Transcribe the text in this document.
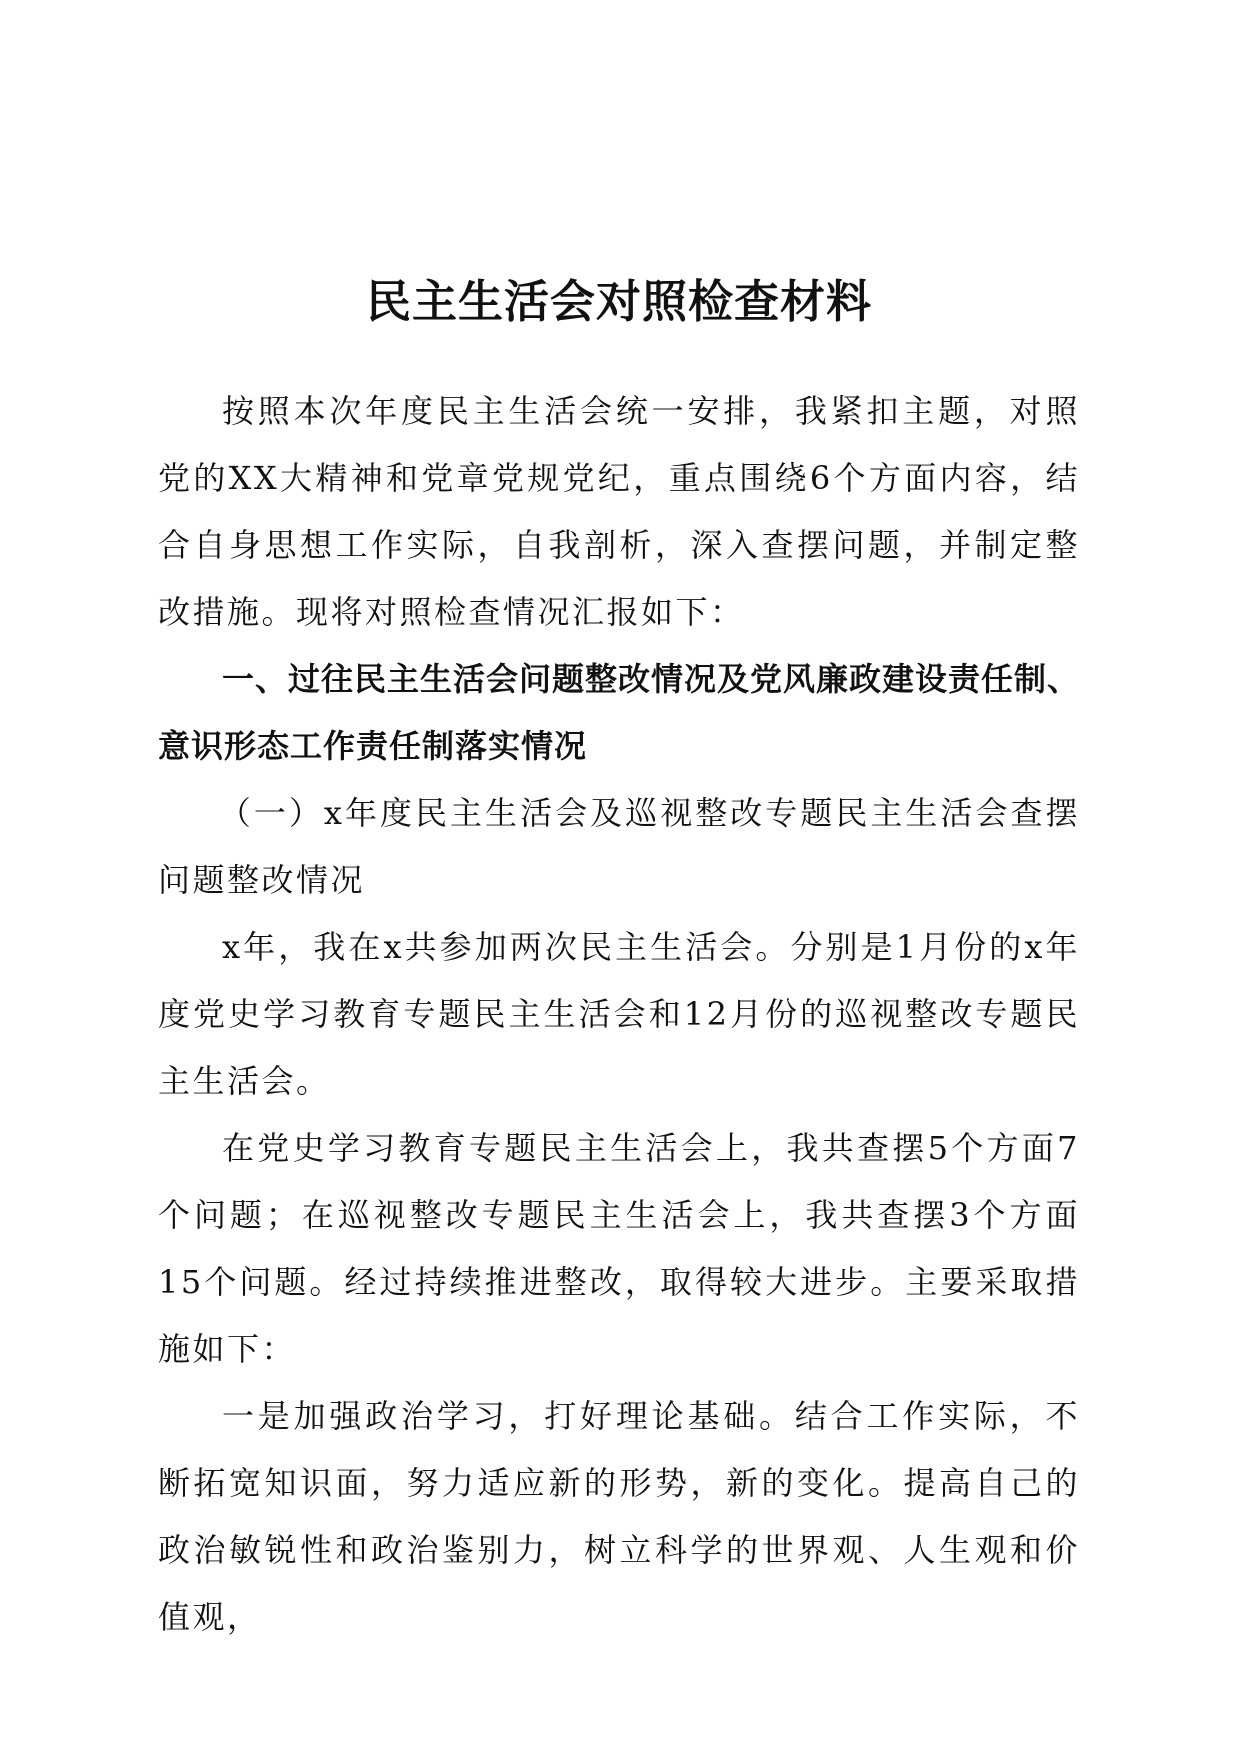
民主生活会对照检查材料

按照本次年度民主生活会统一安排，我紧扣主题，对照党的XX大精神和党章党规党纪，重点围绕6个方面内容，结合自身思想工作实际，自我剖析，深入查摆问题，并制定整改措施。现将对照检查情况汇报如下：

一、过往民主生活会问题整改情况及党风廉政建设责任制、意识形态工作责任制落实情况

（一）x年度民主生活会及巡视整改专题民主生活会查摆问题整改情况

x年，我在x共参加两次民主生活会。分别是1月份的x年度党史学习教育专题民主生活会和12月份的巡视整改专题民主生活会。

在党史学习教育专题民主生活会上，我共查摆5个方面7个问题；在巡视整改专题民主生活会上，我共查摆3个方面15个问题。经过持续推进整改，取得较大进步。主要采取措施如下：

一是加强政治学习，打好理论基础。结合工作实际，不断拓宽知识面，努力适应新的形势，新的变化。提高自己的政治敏锐性和政治鉴别力，树立科学的世界观、人生观和价值观，
